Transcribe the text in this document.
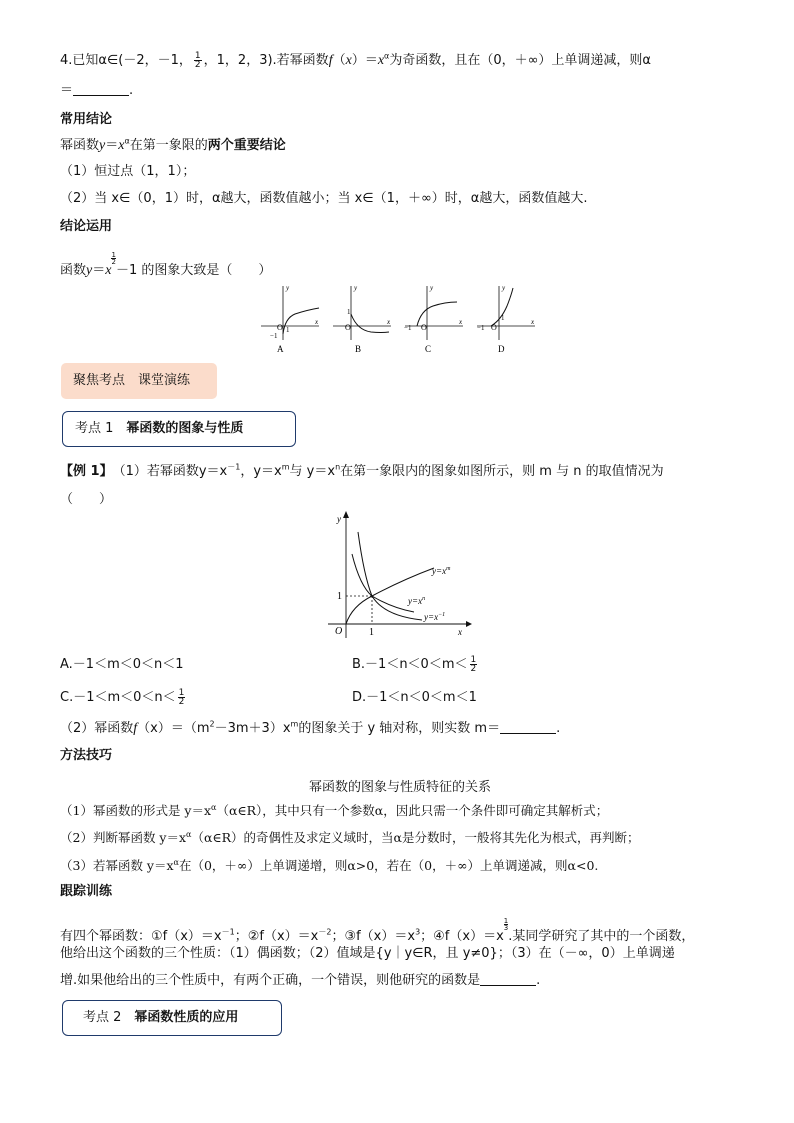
4.已知α∈(－2，－1， $\frac{1}{2}$ ，1，2，3).若幂函数$f(x)=x^\alpha$为奇函数，且在（0，＋∞）上单调递减，则α
＝	.
常用结论
幂函数$y=x^\alpha$在第一象限的两个重要结论
（1）恒过点（1，1）；
（2）当 x∈（0，1）时，α越大，函数值越小；当 x∈（1，＋∞）时，α越大，函数值越大.
结论运用
函数y＝x
$\frac{1}{2}$
－1 的图象大致是（　　）
O 1
−1
x
y
A
O
1
x
y
B
−1 O
x
y
C
−1 O
1	x
y
D
聚焦考点　课堂演练
考点 1　 幂函数的图象与性质
【例 1】　（1）若幂函数$y=x^{-1}$，$y=x^m$与 $y=x^n$在第一象限内的图象如图所示，则 m 与 n 的取值情况为
（　　）
$y=x^m$
$y=x^n$
$y=x^{-1}$
1
1
O	x
y
A.－1＜m＜0＜n＜1	$B.-1<n<0<m< \frac{1}{2}$
$C.-1<m<0<n< \frac{1}{2}$	D.－1＜n＜0＜m＜1
（2）幂函数$f(x)=(m^2-3m+3)x^m$的图象关于 y 轴对称，则实数 m＝	.
方法技巧
幂函数的图象与性质特征的关系
（1）幂函数的形式是 $y=x^\alpha(\alpha\in R)$，其中只有一个参数α，因此只需一个条件即可确定其解析式；
（2）判断幂函数 $y=x^\alpha(\alpha\in R)$的奇偶性及求定义域时，当α是分数时，一般将其先化为根式，再判断；
（3）若幂函数 $y=x^\alpha$在（0，＋∞）上单调递增，则α>0，若在（0，＋∞）上单调递减，则α<0.
跟踪训练
有四个幂函数：$①f(x)=x^{-1}$；$②f(x)=x^{-2}$；$③f(x)=x^3$；④f（x）＝x
$\frac{1}{3}$
.某同学研究了其中的一个函数，
他给出这个函数的三个性质：（1）偶函数；（2）值域是{y｜y∈R，且 y≠0}；（3）在（－∞，0）上单调递
增.如果他给出的三个性质中，有两个正确，一个错误，则他研究的函数是	.
考点 2　 幂函数性质的应用
